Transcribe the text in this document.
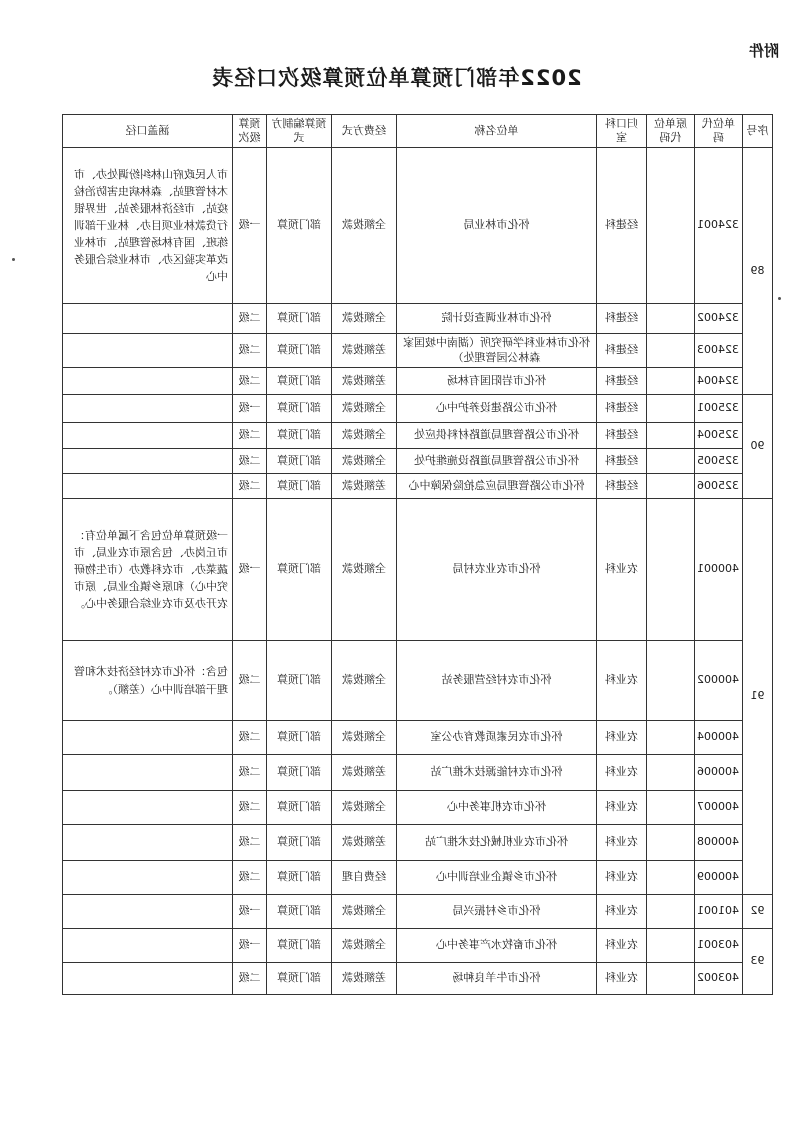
附件
2022年部门预算单位预算级次口径表
序号	单位代码	原单位代码	归口科室	单位名称	经费方式	预算编制方式	预算级次	涵盖口径
89	324001		经建科	怀化市林业局	全额拨款	部门预算	一级	市人民政府山林纠纷调处办、市木材管理站、森林病虫害防治检疫站、市经济林服务站、世界银行贷款林业项目办、林业干部训练班、国有林场管理站、市林业改革实验区办、市林业综合服务中心
	324002		经建科	怀化市林业调查设计院	全额拨款	部门预算	二级	
	324003		经建科	怀化市林业科学研究所（湖南中坡国家森林公园管理处）	差额拨款	部门预算	二级	
	324004		经建科	怀化市岩阳国有林场	差额拨款	部门预算	二级	
90	325001		经建科	怀化市公路建设养护中心	全额拨款	部门预算	一级	
	325004		经建科	怀化市公路管理局道路材料供应处	全额拨款	部门预算	二级	
	325005		经建科	怀化市公路管理局道路设施维护处	全额拨款	部门预算	二级	
	325006		经建科	怀化市公路管理局应急抢险保障中心	差额拨款	部门预算	二级	
91	400001		农业科	怀化市农业农村局	全额拨款	部门预算	一级	一级预算单位包含下属单位有：市丘岗办、包含原市农业局、市蔬菜办、市农科教办（市生物研究中心）和原乡镇企业局、原市农开办及市农业综合服务中心。
	400002		农业科	怀化市农村经营服务站	全额拨款	部门预算	二级	包含：怀化市农村经济技术和管理干部培训中心（差额）。
	400004		农业科	怀化市农民素质教育办公室	全额拨款	部门预算	二级	
	400006		农业科	怀化市农村能源技术推广站	差额拨款	部门预算	二级	
	400007		农业科	怀化市农机事务中心	全额拨款	部门预算	二级	
	400008		农业科	怀化市农业机械化技术推广站	差额拨款	部门预算	二级	
	400009		农业科	怀化市乡镇企业培训中心	经费自理	部门预算	二级	
92	401001		农业科	怀化市乡村振兴局	全额拨款	部门预算	一级	
93	403001		农业科	怀化市畜牧水产事务中心	全额拨款	部门预算	一级	
	403002		农业科	怀化市牛羊良种场	差额拨款	部门预算	二级	
